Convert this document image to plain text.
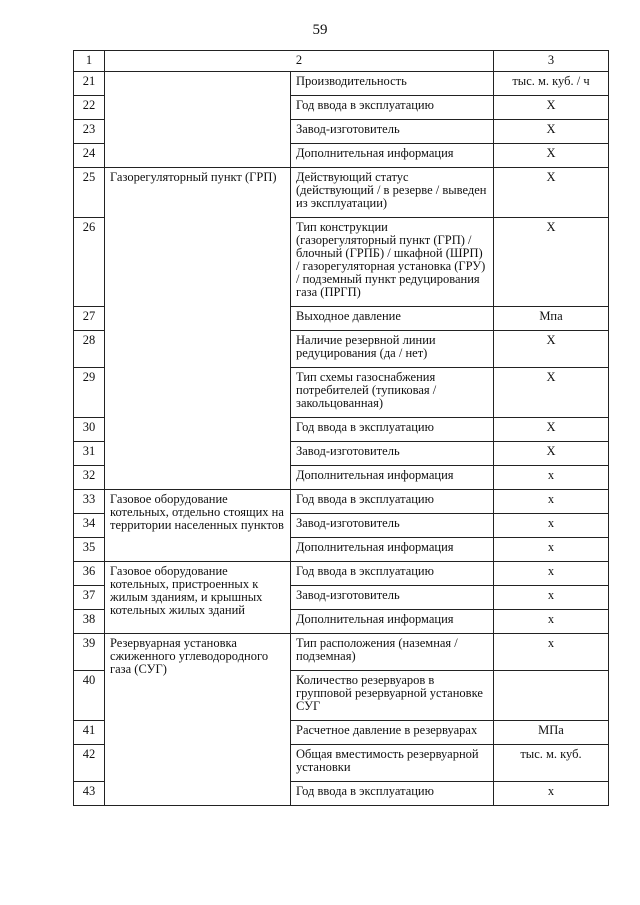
59
1	2		3
21		Производительность	тыс. м. куб. / ч
22		Год ввода в эксплуатацию	Х
23		Завод-изготовитель	Х
24		Дополнительная информация	Х
25	Газорегуляторный пункт (ГРП)	Действующий статус (действующий / в резерве / выведен из эксплуатации)	Х
26		Тип конструкции (газорегуляторный пункт (ГРП) / блочный (ГРПБ) / шкафной (ШРП) / газорегуляторная установка (ГРУ) / подземный пункт редуцирования газа (ПРГП)	Х
27		Выходное давление	Мпа
28		Наличие резервной линии редуцирования (да / нет)	Х
29		Тип схемы газоснабжения потребителей (тупиковая / закольцованная)	Х
30		Год ввода в эксплуатацию	Х
31		Завод-изготовитель	Х
32		Дополнительная информация	х
33	Газовое оборудование котельных, отдельно стоящих на территории населенных пунктов	Год ввода в эксплуатацию	х
34		Завод-изготовитель	х
35		Дополнительная информация	х
36	Газовое оборудование котельных, пристроенных к жилым зданиям, и крышных котельных жилых зданий	Год ввода в эксплуатацию	х
37		Завод-изготовитель	х
38		Дополнительная информация	х
39	Резервуарная установка сжиженного углеводородного газа (СУГ)	Тип расположения (наземная / подземная)	х
40		Количество резервуаров в групповой резервуарной установке СУГ	
41		Расчетное давление в резервуарах	МПа
42		Общая вместимость резервуарной установки	тыс. м. куб.
43		Год ввода в эксплуатацию	х
